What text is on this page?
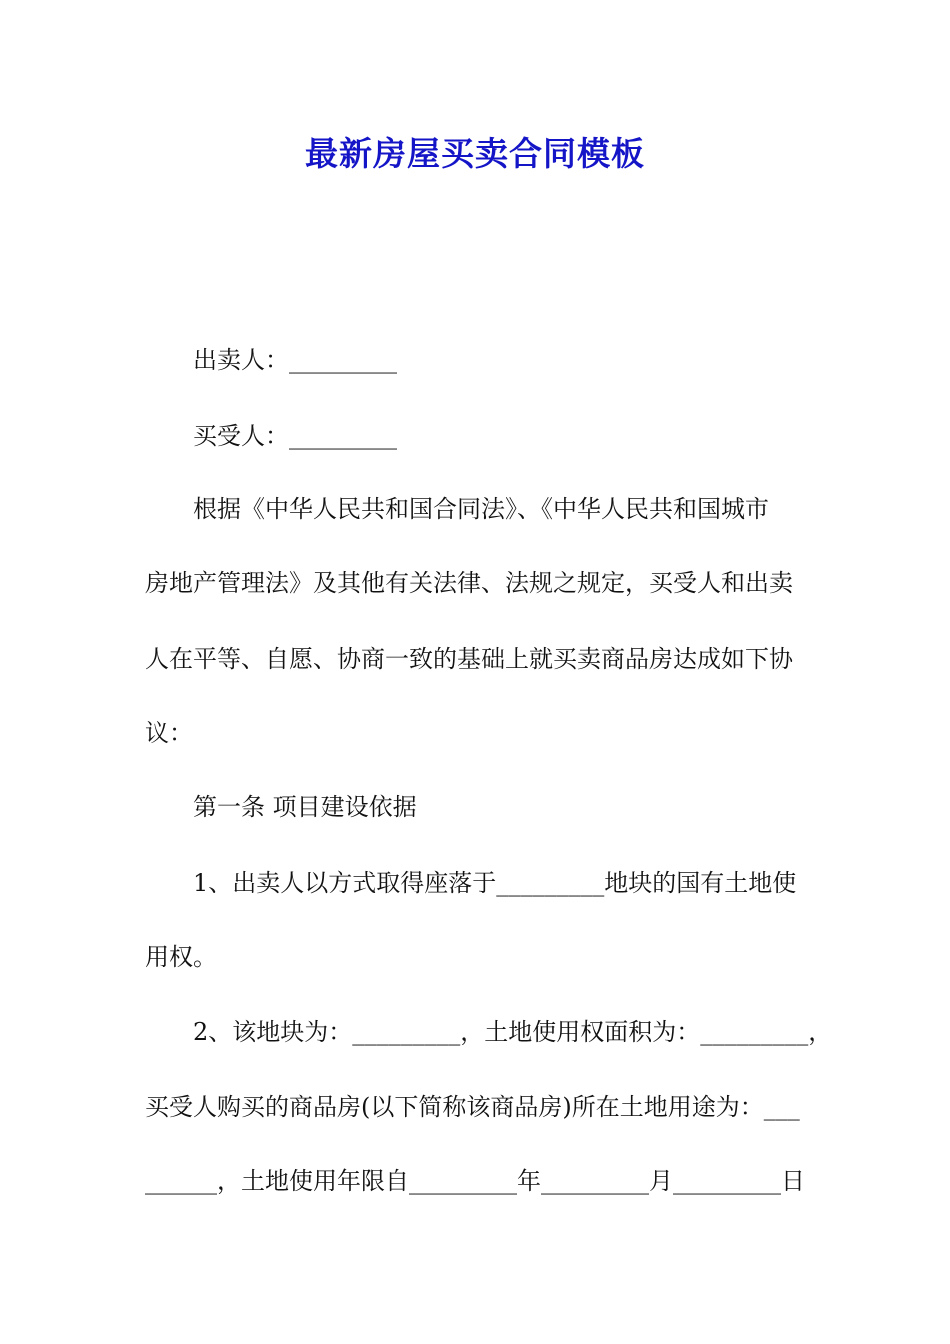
最新房屋买卖合同模板

出卖人：_________

买受人：_________

根据《中华人民共和国合同法》、《中华人民共和国城市

房地产管理法》及其他有关法律、法规之规定，买受人和出卖

人在平等、自愿、协商一致的基础上就买卖商品房达成如下协

议：

第一条 项目建设依据

1、出卖人以方式取得座落于_________地块的国有土地使

用权。

2、该地块为：_________，土地使用权面积为：_________，

买受人购买的商品房(以下简称该商品房)所在土地用途为：___

______，土地使用年限自_________年_________月_________日
